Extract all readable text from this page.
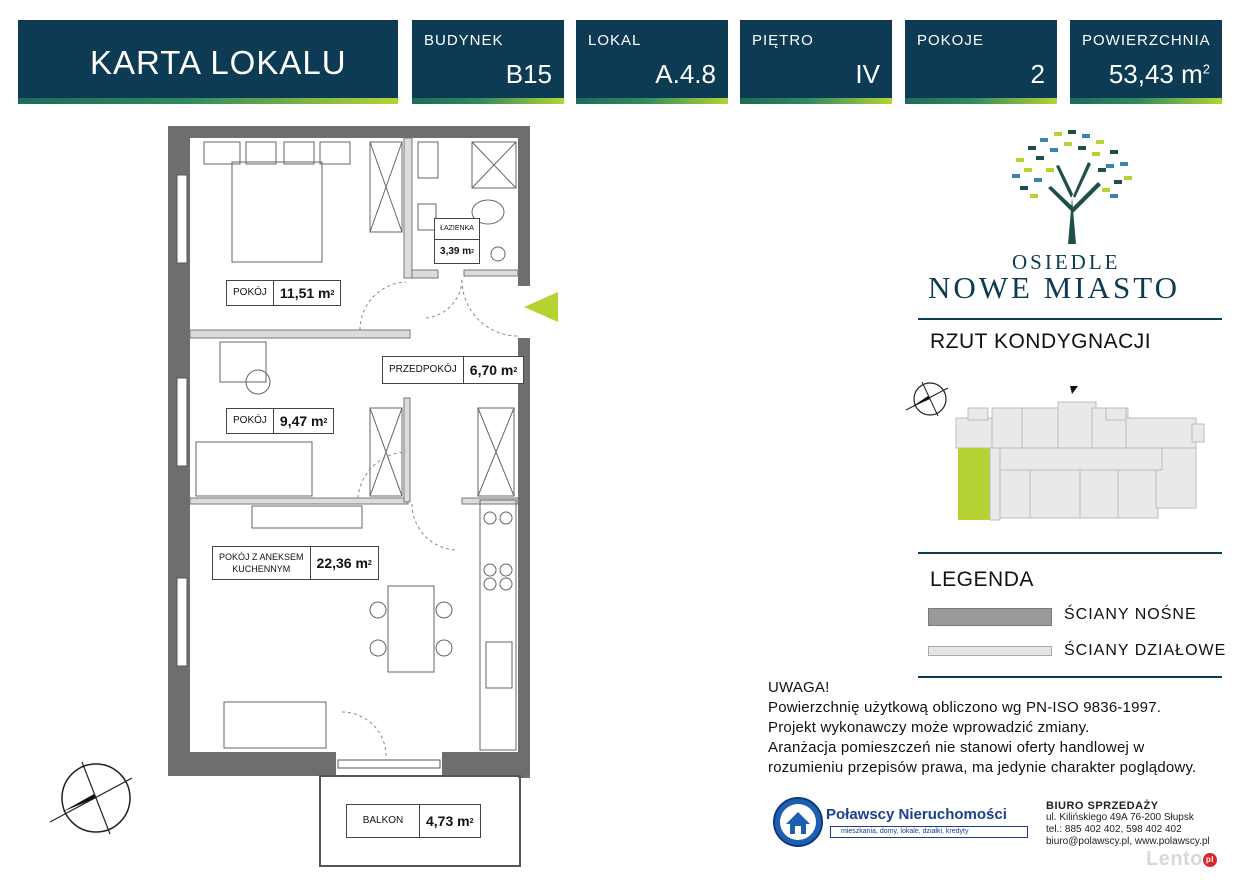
KARTA LOKALU
BUDYNEK
B15
LOKAL
A.4.8
PIĘTRO
IV
POKOJE
2
POWIERZCHNIA
53,43 $m^2$
POKÓJ 11,51 m 2
ŁAZIENKA
3,39 m 2
PRZEDPOKÓJ 6,70 m 2
POKÓJ 9,47 m 2
POKÓJ Z ANEKSEM
KUCHENNYM 22,36 m 2
BALKON	4,73 m 2
OSIEDLE
NOWE MIASTO
RZUT KONDYGNACJI
LEGENDA
ŚCIANY NOŚNE
ŚCIANY DZIAŁOWE
UWAGA!
Powierzchnię użytkową obliczono wg PN-ISO 9836-1997.
Projekt wykonawczy może wprowadzić zmiany.
Aranżacja pomieszczeń nie stanowi oferty handlowej w
rozumieniu przepisów prawa, ma jedynie charakter poglądowy.
Poławscy Nieruchomości
mieszkania, domy, lokale, działki, kredyty
BIURO SPRZEDAŻY
ul. Kilińskiego 49A 76-200 Słupsk
tel.: 885 402 402, 598 402 402
biuro@polawscy.pl, www.polawscy.pl
Lento pl
